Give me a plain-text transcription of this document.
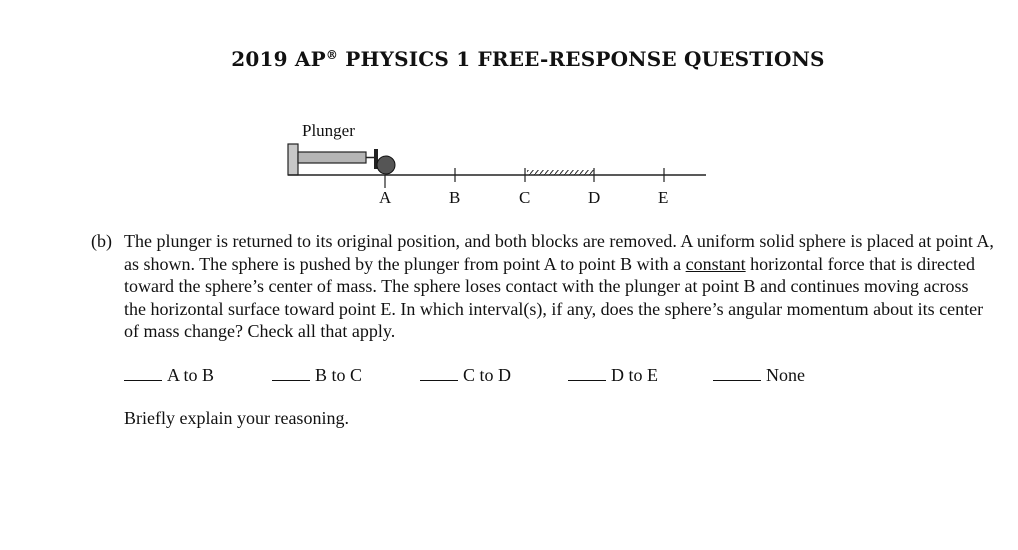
2019 AP® PHYSICS 1 FREE-RESPONSE QUESTIONS
Plunger
A	B	C	D	E
(b) The plunger is returned to its original position, and both blocks are removed. A uniform solid sphere is placed at point A, as shown. The sphere is pushed by the plunger from point A to point B with a constant horizontal force that is directed toward the sphere’s center of mass. The sphere loses contact with the plunger at point B and continues moving across the horizontal surface toward point E. In which interval(s), if any, does the sphere’s angular momentum about its center of mass change? Check all that apply.
A to B	B to C	C to D	D to E	None
Briefly explain your reasoning.
